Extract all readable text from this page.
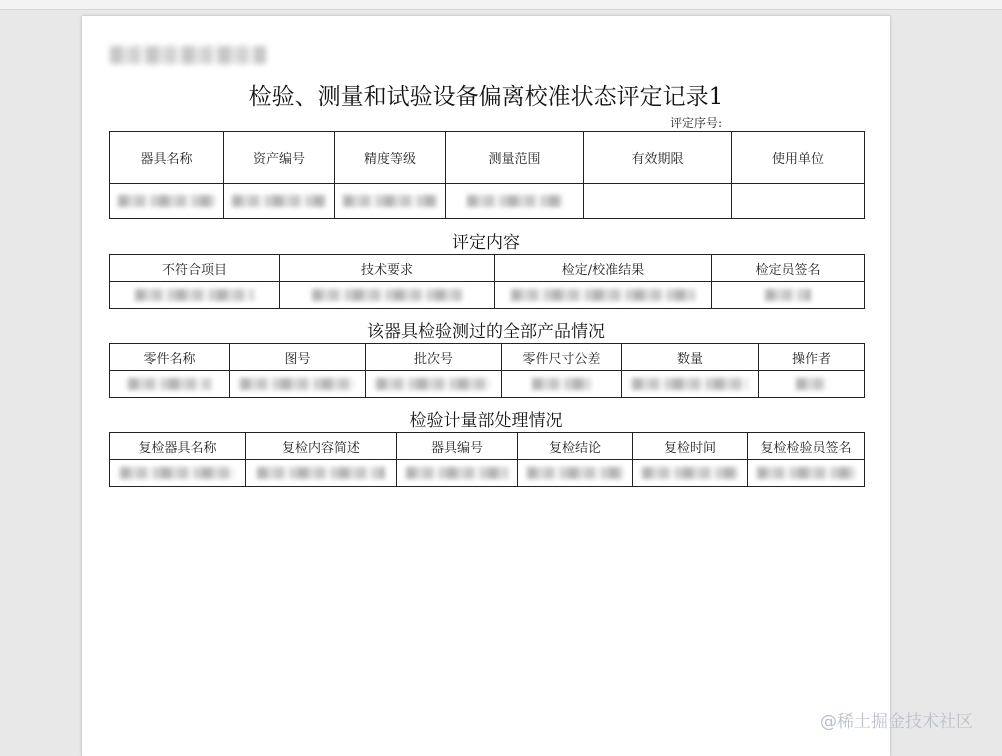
检验、测量和试验设备偏离校准状态评定记录1
评定序号:
器具名称	资产编号	精度等级	测量范围	有效期限	使用单位

评定内容
不符合项目	技术要求	检定/校准结果	检定员签名

该器具检验测过的全部产品情况
零件名称	图号	批次号	零件尺寸公差	数量	操作者

检验计量部处理情况
复检器具名称	复检内容简述	器具编号	复检结论	复检时间	复检检验员签名

@稀土掘金技术社区
